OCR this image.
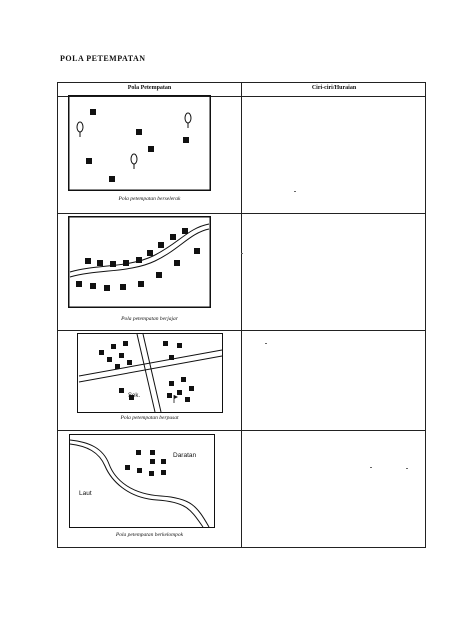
POLA PETEMPATAN
Pola Petempatan	Ciri-ciri/Huraian
Pola petempatan berselerak
Pola petempatan berjajar
Sek.
Pola petempatan berpusat
Daratan
Laut
Pola petempatan berkelompok
